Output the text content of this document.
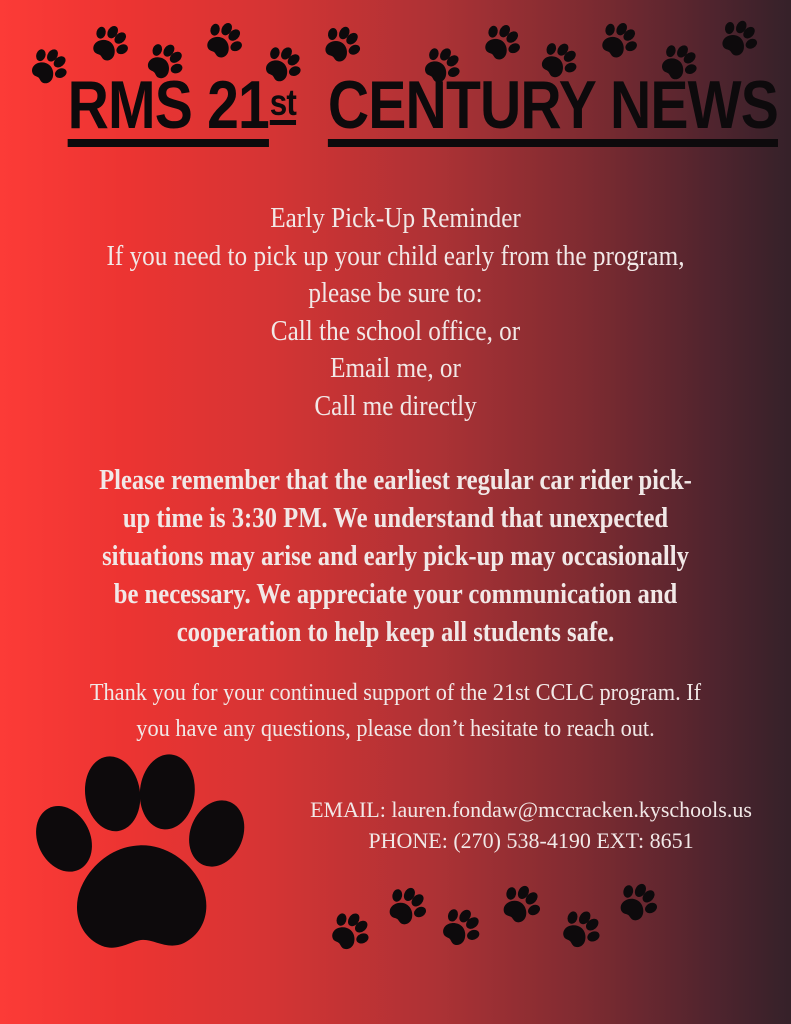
RMS 21st CENTURY NEWS
Early Pick-Up Reminder
If you need to pick up your child early from the program,
please be sure to:
Call the school office, or
Email me, or
Call me directly
Please remember that the earliest regular car rider pick-
up time is 3:30 PM. We understand that unexpected
situations may arise and early pick-up may occasionally
be necessary. We appreciate your communication and
cooperation to help keep all students safe.
Thank you for your continued support of the 21st CCLC program. If
you have any questions, please don’t hesitate to reach out.
EMAIL: lauren.fondaw@mccracken.kyschools.us
PHONE: (270) 538-4190 EXT: 8651
